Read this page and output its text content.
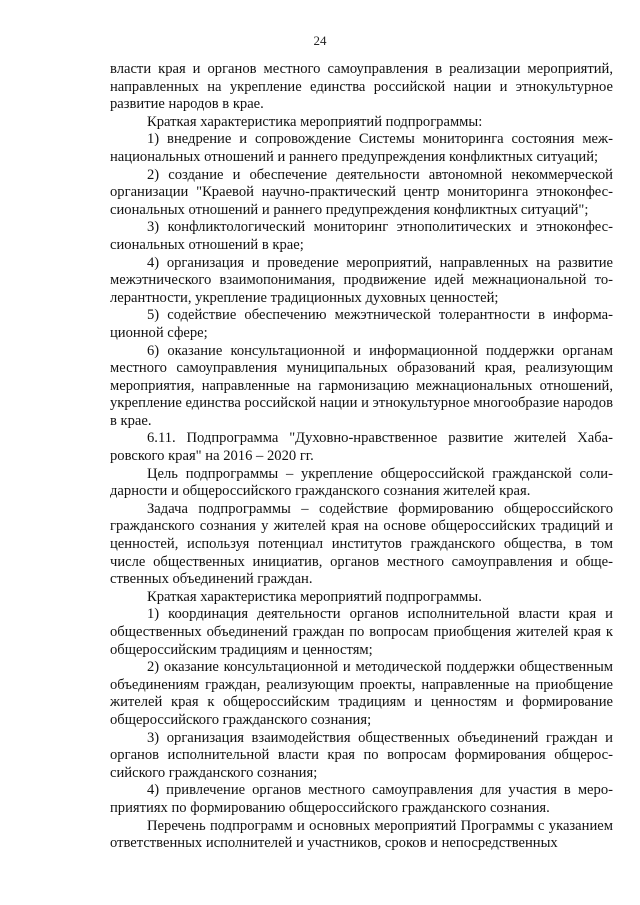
24

власти края и органов местного самоуправления в реализации мероприятий, направленных на укрепление единства российской нации и этнокультурное развитие народов в крае.

Краткая характеристика мероприятий подпрограммы:

1) внедрение и сопровождение Системы мониторинга состояния межнациональных отношений и раннего предупреждения конфликтных ситуаций;

2) создание и обеспечение деятельности автономной некоммерческой организации "Краевой научно-практический центр мониторинга этноконфессиональных отношений и раннего предупреждения конфликтных ситуаций";

3) конфликтологический мониторинг этнополитических и этноконфессиональных отношений в крае;

4) организация и проведение мероприятий, направленных на развитие межэтнического взаимопонимания, продвижение идей межнациональной толерантности, укрепление традиционных духовных ценностей;

5) содействие обеспечению межэтнической толерантности в информационной сфере;

6) оказание консультационной и информационной поддержки органам местного самоуправления муниципальных образований края, реализующим мероприятия, направленные на гармонизацию межнациональных отношений, укрепление единства российской нации и этнокультурное многообразие народов в крае.

6.11. Подпрограмма "Духовно-нравственное развитие жителей Хабаровского края" на 2016 – 2020 гг.

Цель подпрограммы – укрепление общероссийской гражданской солидарности и общероссийского гражданского сознания жителей края.

Задача подпрограммы – содействие формированию общероссийского гражданского сознания у жителей края на основе общероссийских традиций и ценностей, используя потенциал институтов гражданского общества, в том числе общественных инициатив, органов местного самоуправления и общественных объединений граждан.

Краткая характеристика мероприятий подпрограммы.

1) координация деятельности органов исполнительной власти края и общественных объединений граждан по вопросам приобщения жителей края к общероссийским традициям и ценностям;

2) оказание консультационной и методической поддержки общественным объединениям граждан, реализующим проекты, направленные на приобщение жителей края к общероссийским традициям и ценностям и формирование общероссийского гражданского сознания;

3) организация взаимодействия общественных объединений граждан и органов исполнительной власти края по вопросам формирования общероссийского гражданского сознания;

4) привлечение органов местного самоуправления для участия в мероприятиях по формированию общероссийского гражданского сознания.

Перечень подпрограмм и основных мероприятий Программы с указанием ответственных исполнителей и участников, сроков и непосредственных
